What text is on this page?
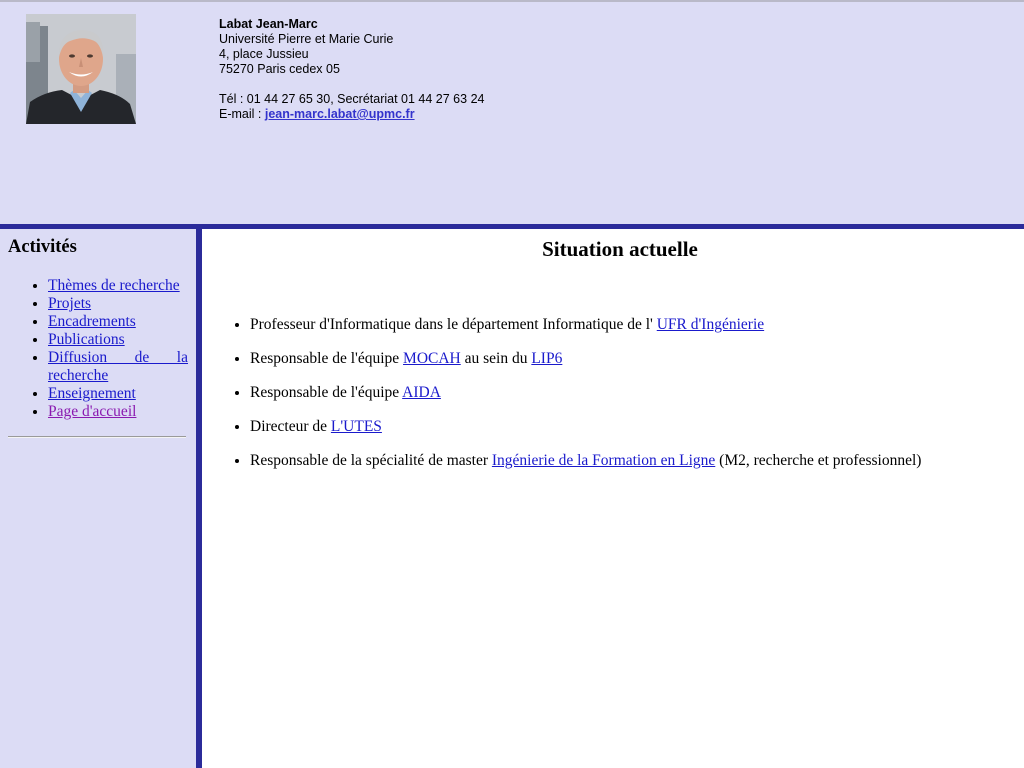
Labat Jean-Marc
Université Pierre et Marie Curie
4, place Jussieu
75270 Paris cedex 05
Tél : 01 44 27 65 30, Secrétariat 01 44 27 63 24
E-mail : jean-marc.labat@upmc.fr
Activités
• Thèmes de recherche
• Projets
• Encadrements
• Publications
• Diffusion de la recherche
• Enseignement
• Page d'accueil
Situation actuelle
• Professeur d'Informatique dans le département Informatique de l' UFR d'Ingénierie
• Responsable de l'équipe MOCAH au sein du LIP6
• Responsable de l'équipe AIDA
• Directeur de L'UTES
• Responsable de la spécialité de master Ingénierie de la Formation en Ligne (M2, recherche et professionnel)
